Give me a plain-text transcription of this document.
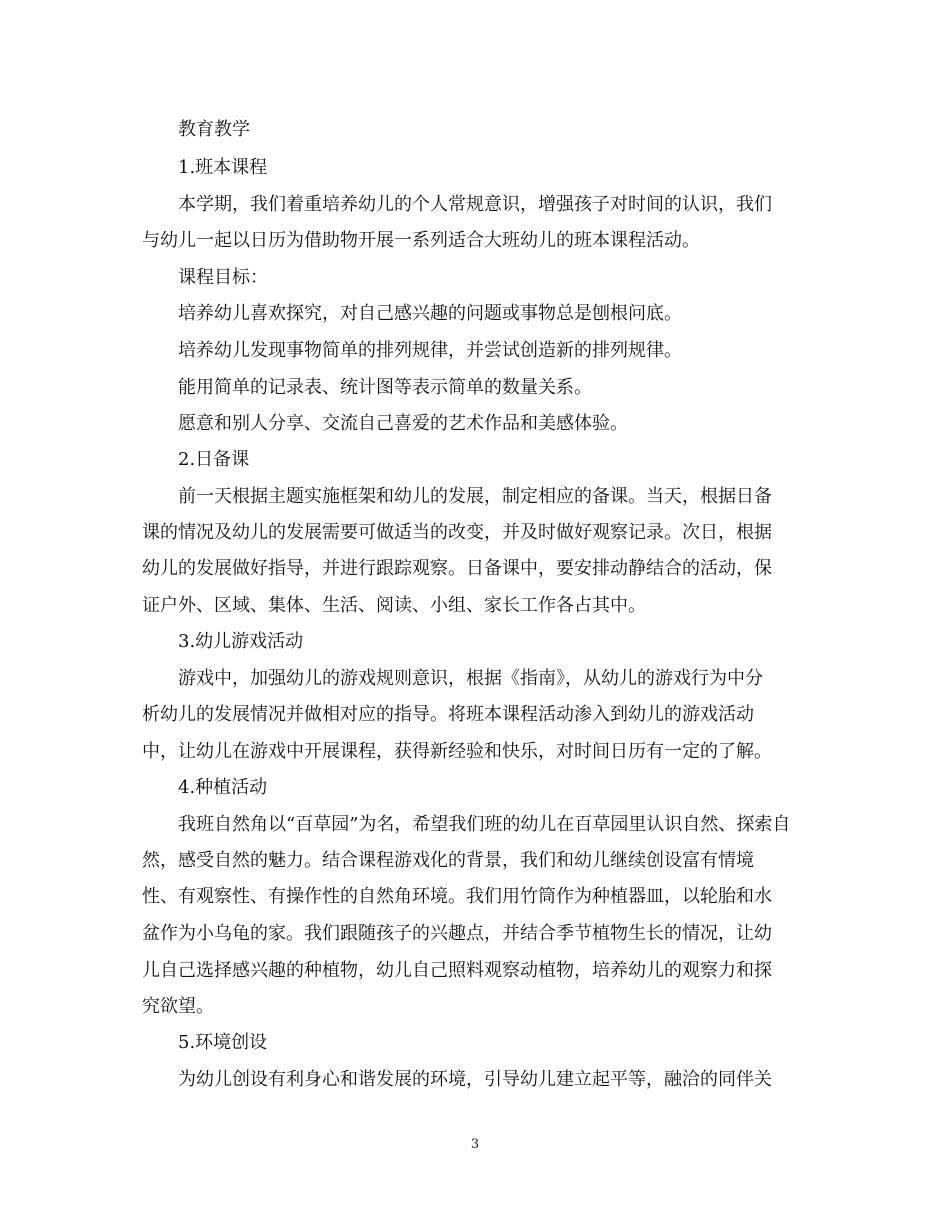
教育教学
1.班本课程
本学期，我们着重培养幼儿的个人常规意识，增强孩子对时间的认识，我们
与幼儿一起以日历为借助物开展一系列适合大班幼儿的班本课程活动。
课程目标：
培养幼儿喜欢探究，对自己感兴趣的问题或事物总是刨根问底。
培养幼儿发现事物简单的排列规律，并尝试创造新的排列规律。
能用简单的记录表、统计图等表示简单的数量关系。
愿意和别人分享、交流自己喜爱的艺术作品和美感体验。
2.日备课
前一天根据主题实施框架和幼儿的发展，制定相应的备课。当天，根据日备
课的情况及幼儿的发展需要可做适当的改变，并及时做好观察记录。次日，根据
幼儿的发展做好指导，并进行跟踪观察。日备课中，要安排动静结合的活动，保
证户外、区域、集体、生活、阅读、小组、家长工作各占其中。
3.幼儿游戏活动
游戏中，加强幼儿的游戏规则意识，根据《指南》，从幼儿的游戏行为中分
析幼儿的发展情况并做相对应的指导。将班本课程活动渗入到幼儿的游戏活动
中，让幼儿在游戏中开展课程，获得新经验和快乐，对时间日历有一定的了解。
4.种植活动
我班自然角以“百草园”为名，希望我们班的幼儿在百草园里认识自然、探索自
然，感受自然的魅力。结合课程游戏化的背景，我们和幼儿继续创设富有情境
性、有观察性、有操作性的自然角环境。我们用竹筒作为种植器皿，以轮胎和水
盆作为小乌龟的家。我们跟随孩子的兴趣点，并结合季节植物生长的情况，让幼
儿自己选择感兴趣的种植物，幼儿自己照料观察动植物，培养幼儿的观察力和探
究欲望。
5.环境创设
为幼儿创设有利身心和谐发展的环境，引导幼儿建立起平等，融洽的同伴关
3
